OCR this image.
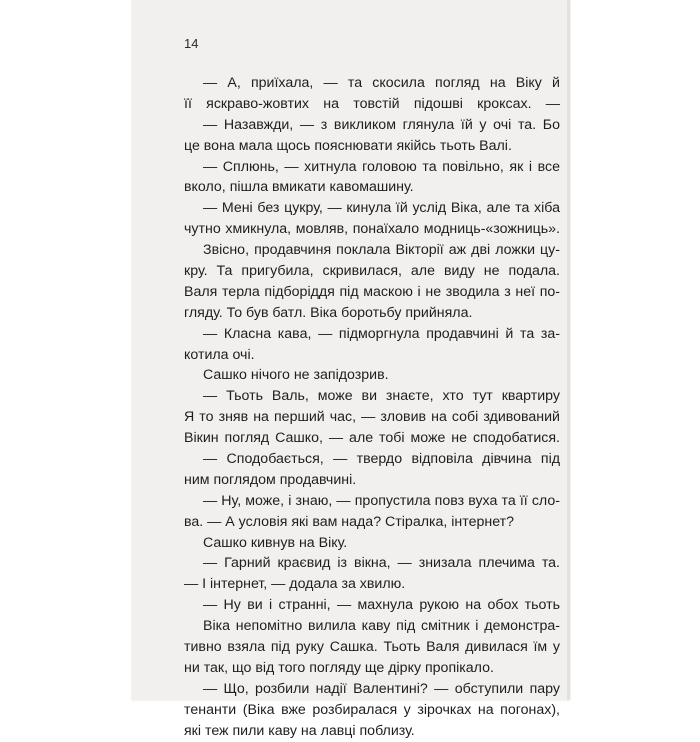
14
— А, приїхала, — та скосила погляд на Віку й
її яскраво-жовтих на товстій підошві кроксах. —
— Назавжди, — з викликом глянула їй у очі та. Бо
це вона мала щось пояснювати якійсь тьоть Валі.
— Сплюнь, — хитнула головою та повільно, як і все
вколо, пішла вмикати кавомашину.
— Мені без цукру, — кинула їй услід Віка, але та хіба
чутно хмикнула, мовляв, понаїхало модниць-«зожниць».
Звісно, продавчиня поклала Вікторії аж дві ложки цу-
кру. Та пригубила, скривилася, але виду не подала.
Валя терла підборіддя під маскою і не зводила з неї по-
гляду. То був батл. Віка боротьбу прийняла.
— Класна кава, — підморгнула продавчині й та за-
котила очі.
Сашко нічого не запідозрив.
— Тьоть Валь, може ви знаєте, хто тут квартиру
Я то зняв на перший час, — зловив на собі здивований
Вікин погляд Сашко, — але тобі може не сподобатися.
— Сподобається, — твердо відповіла дівчина під
ним поглядом продавчині.
— Ну, може, і знаю, — пропустила повз вуха та її сло-
ва. — А условія які вам нада? Стіралка, інтернет?
Сашко кивнув на Віку.
— Гарний краєвид із вікна, — знизала плечима та.
— І інтернет, — додала за хвилю.
— Ну ви і странні, — махнула рукою на обох тьоть
Віка непомітно вилила каву під смітник і демонстра-
тивно взяла під руку Сашка. Тьоть Валя дивилася їм у
ни так, що від того погляду ще дірку пропікало.
— Що, розбили надії Валентині? — обступили пару
тенанти (Віка вже розбиралася у зірочках на погонах),
які теж пили каву на лавці поблизу.
